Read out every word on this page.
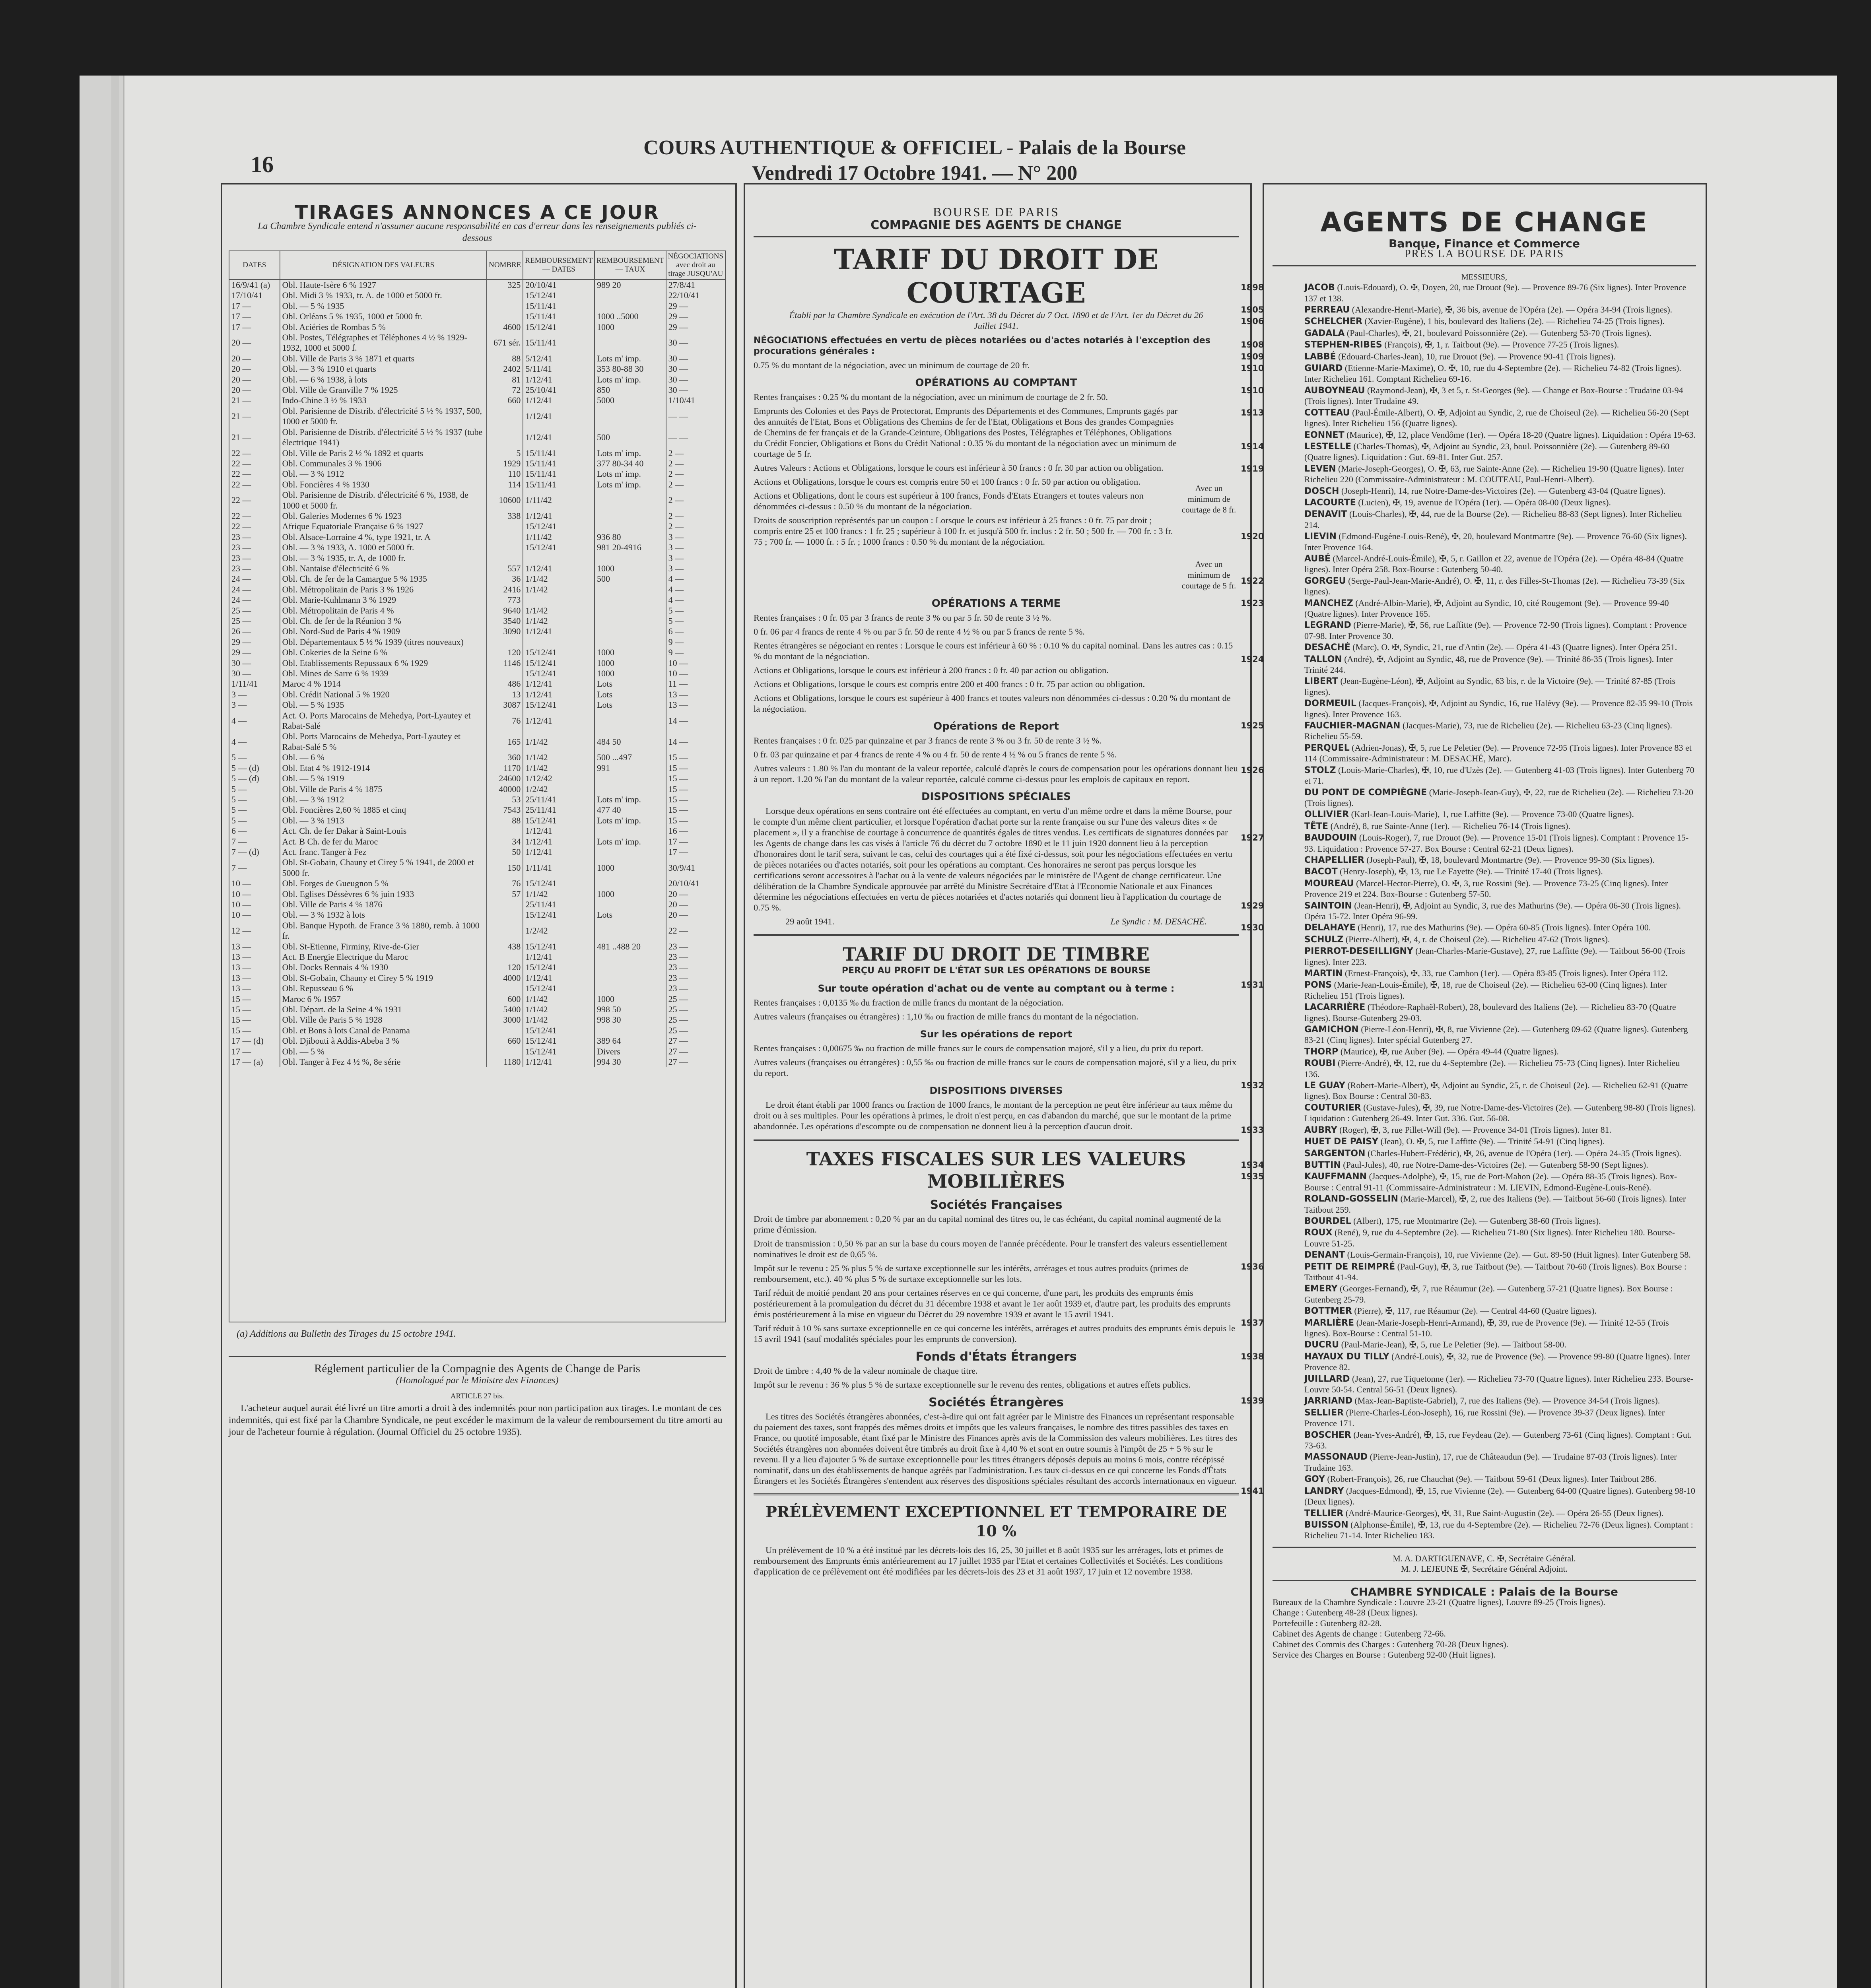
16
COURS AUTHENTIQUE & OFFICIEL - Palais de la Bourse
Vendredi 17 Octobre 1941. — N° 200
TIRAGES ANNONCES A CE JOUR
La Chambre Syndicale entend n'assumer aucune responsabilité en cas d'erreur dans les renseignements publiés ci-dessous
DATES	DÉSIGNATION DES VALEURS	NOMBRE	REMBOURSEMENT — DATES	REMBOURSEMENT — TAUX	NÉGOCIATIONS avec droit au tirage JUSQU'AU
16/9/41 (a)	Obl. Haute-Isère 6 % 1927	325	20/10/41	989 20	27/8/41
17/10/41	Obl. Midi 3 % 1933, tr. A. de 1000 et 5000 fr.		15/12/41		22/10/41
17 —	Obl. — 5 % 1935		15/11/41		29 —
17 —	Obl. Orléans 5 % 1935, 1000 et 5000 fr.		15/11/41	1000 ..5000	29 —
17 —	Obl. Aciéries de Rombas 5 %	4600	15/12/41	1000	29 —
20 —	Obl. Postes, Télégraphes et Téléphones 4 ½ % 1929-1932, 1000 et 5000 f.	671 sér.	15/11/41		30 —
20 —	Obl. Ville de Paris 3 % 1871 et quarts	88	5/12/41	Lots m' imp.	30 —
20 —	Obl. — 3 % 1910 et quarts	2402	5/11/41	353 80-88 30	30 —
20 —	Obl. — 6 % 1938, à lots	81	1/12/41	Lots m' imp.	30 —
20 —	Obl. Ville de Granville 7 % 1925	72	25/10/41	850	30 —
21 —	Indo-Chine 3 ½ % 1933	660	1/12/41	5000	1/10/41
21 —	Obl. Parisienne de Distrib. d'électricité 5 ½ % 1937, 500, 1000 et 5000 fr.		1/12/41		— —
21 —	Obl. Parisienne de Distrib. d'électricité 5 ½ % 1937 (tube électrique 1941)		1/12/41	500	— —
22 —	Obl. Ville de Paris 2 ½ % 1892 et quarts	5	15/11/41	Lots m' imp.	2 —
22 —	Obl. Communales 3 % 1906	1929	15/11/41	377 80-34 40	2 —
22 —	Obl. — 3 % 1912	110	15/11/41	Lots m' imp.	2 —
22 —	Obl. Foncières 4 % 1930	114	15/11/41	Lots m' imp.	2 —
22 —	Obl. Parisienne de Distrib. d'électricité 6 %, 1938, de 1000 et 5000 fr.	10600	1/11/42		2 —
22 —	Obl. Galeries Modernes 6 % 1923	338	1/12/41		2 —
22 —	Afrique Equatoriale Française 6 % 1927		15/12/41		2 —
23 —	Obl. Alsace-Lorraine 4 %, type 1921, tr. A		1/11/42	936 80	3 —
23 —	Obl. — 3 % 1933, A. 1000 et 5000 fr.		15/12/41	981 20-4916	3 —
23 —	Obl. — 3 % 1935, tr. A, de 1000 fr.				3 —
23 —	Obl. Nantaise d'électricité 6 %	557	1/12/41	1000	3 —
24 —	Obl. Ch. de fer de la Camargue 5 % 1935	36	1/1/42	500	4 —
24 —	Obl. Métropolitain de Paris 3 % 1926	2416	1/1/42		4 —
24 —	Obl. Marie-Kuhlmann 3 % 1929	773			4 —
25 —	Obl. Métropolitain de Paris 4 %	9640	1/1/42		5 —
25 —	Obl. Ch. de fer de la Réunion 3 %	3540	1/1/42		5 —
26 —	Obl. Nord-Sud de Paris 4 % 1909	3090	1/12/41		6 —
29 —	Obl. Départementaux 5 ½ % 1939 (titres nouveaux)				9 —
29 —	Obl. Cokeries de la Seine 6 %	120	15/12/41	1000	9 —
30 —	Obl. Etablissements Repussaux 6 % 1929	1146	15/12/41	1000	10 —
30 —	Obl. Mines de Sarre 6 % 1939		15/12/41	1000	10 —
1/11/41	Maroc 4 % 1914	486	1/12/41	Lots	11 —
3 —	Obl. Crédit National 5 % 1920	13	1/12/41	Lots	13 —
3 —	Obl. — 5 % 1935	3087	15/12/41	Lots	13 —
4 —	Act. O. Ports Marocains de Mehedya, Port-Lyautey et Rabat-Salé	76	1/12/41		14 —
4 —	Obl. Ports Marocains de Mehedya, Port-Lyautey et Rabat-Salé 5 %	165	1/1/42	484 50	14 —
5 —	Obl. — 6 %	360	1/1/42	500 ...497	15 —
5 — (d)	Obl. Etat 4 % 1912-1914	1170	1/1/42	991	15 —
5 — (d)	Obl. — 5 % 1919	24600	1/12/42		15 —
5 —	Obl. Ville de Paris 4 % 1875	40000	1/2/42		15 —
5 —	Obl. — 3 % 1912	53	25/11/41	Lots m' imp.	15 —
5 —	Obl. Foncières 2,60 % 1885 et cinq	7543	25/11/41	477 40	15 —
5 —	Obl. — 3 % 1913	88	15/12/41	Lots m' imp.	15 —
6 —	Act. Ch. de fer Dakar à Saint-Louis		1/12/41		16 —
7 —	Act. B Ch. de fer du Maroc	34	1/12/41	Lots m' imp.	17 —
7 — (d)	Act. franc. Tanger à Fez	50	1/12/41		17 —
7 —	Obl. St-Gobain, Chauny et Cirey 5 % 1941, de 2000 et 5000 fr.	150	1/11/41	1000	30/9/41
10 —	Obl. Forges de Gueugnon 5 %	76	15/12/41		20/10/41
10 —	Obl. Eglises Déssèvres 6 % juin 1933	57	1/1/42	1000	20 —
10 —	Obl. Ville de Paris 4 % 1876		25/11/41		20 —
10 —	Obl. — 3 % 1932 à lots		15/12/41	Lots	20 —
12 —	Obl. Banque Hypoth. de France 3 % 1880, remb. à 1000 fr.		1/2/42		22 —
13 —	Obl. St-Etienne, Firminy, Rive-de-Gier	438	15/12/41	481 ..488 20	23 —
13 —	Act. B Energie Electrique du Maroc		1/12/41		23 —
13 —	Obl. Docks Rennais 4 % 1930	120	15/12/41		23 —
13 —	Obl. St-Gobain, Chauny et Cirey 5 % 1919	4000	1/12/41		23 —
13 —	Obl. Repusseau 6 %		15/12/41		23 —
15 —	Maroc 6 % 1957	600	1/1/42	1000	25 —
15 —	Obl. Départ. de la Seine 4 % 1931	5400	1/1/42	998 50	25 —
15 —	Obl. Ville de Paris 5 % 1928	3000	1/1/42	998 30	25 —
15 —	Obl. et Bons à lots Canal de Panama		15/12/41		25 —
17 — (d)	Obl. Djibouti à Addis-Abeba 3 %	660	15/12/41	389 64	27 —
17 —	Obl. — 5 %		15/12/41	Divers	27 —
17 — (a)	Obl. Tanger à Fez 4 ½ %, 8e série	1180	1/12/41	994 30	27 —
(a) Additions au Bulletin des Tirages du 15 octobre 1941.
Réglement particulier de la Compagnie des Agents de Change de Paris
(Homologué par le Ministre des Finances)
ARTICLE 27 bis.
L'acheteur auquel aurait été livré un titre amorti a droit à des indemnités pour non participation aux tirages. Le montant de ces indemnités, qui est fixé par la Chambre Syndicale, ne peut excéder le maximum de la valeur de remboursement du titre amorti au jour de l'acheteur fournie à régulation. (Journal Officiel du 25 octobre 1935).
BOURSE DE PARIS
COMPAGNIE DES AGENTS DE CHANGE
TARIF DU DROIT DE COURTAGE
Établi par la Chambre Syndicale en exécution de l'Art. 38 du Décret du 7 Oct. 1890 et de l'Art. 1er du Décret du 26 Juillet 1941.

NÉGOCIATIONS effectuées en vertu de pièces notariées ou d'actes notariés à l'exception des procurations générales :

0.75 % du montant de la négociation, avec un minimum de courtage de 20 fr.

OPÉRATIONS AU COMPTANT

Rentes françaises : 0.25 % du montant de la négociation, avec un minimum de courtage de 2 fr. 50.

Emprunts des Colonies et des Pays de Protectorat, Emprunts des Départements et des Communes, Emprunts gagés par des annuités de l'Etat, Bons et Obligations des Chemins de fer de l'Etat, Obligations et Bons des grandes Compagnies de Chemins de fer français et de la Grande-Ceinture, Obligations des Postes, Télégraphes et Téléphones, Obligations du Crédit Foncier, Obligations et Bons du Crédit National : 0.35 % du montant de la négociation avec un minimum de courtage de 5 fr.

Autres Valeurs : Actions et Obligations, lorsque le cours est inférieur à 50 francs : 0 fr. 30 par action ou obligation.

Actions et Obligations, lorsque le cours est compris entre 50 et 100 francs : 0 fr. 50 par action ou obligation.

Actions et Obligations, dont le cours est supérieur à 100 francs, Fonds d'Etats Etrangers et toutes valeurs non dénommées ci-dessus : 0.50 % du montant de la négociation.

Droits de souscription représentés par un coupon : Lorsque le cours est inférieur à 25 francs : 0 fr. 75 par droit ; compris entre 25 et 100 francs : 1 fr. 25 ; supérieur à 100 fr. et jusqu'à 500 fr. inclus : 2 fr. 50 ; 500 fr. — 700 fr. : 3 fr. 75 ; 700 fr. — 1000 fr. : 5 fr. ; 1000 francs : 0.50 % du montant de la négociation.

Avec un minimum de courtage de 8 fr.
Avec un minimum de courtage de 5 fr.
OPÉRATIONS A TERME

Rentes françaises : 0 fr. 05 par 3 francs de rente 3 % ou par 5 fr. 50 de rente 3 ½ %.

0 fr. 06 par 4 francs de rente 4 % ou par 5 fr. 50 de rente 4 ½ % ou par 5 francs de rente 5 %.

Rentes étrangères se négociant en rentes : Lorsque le cours est inférieur à 60 % : 0.10 % du capital nominal. Dans les autres cas : 0.15 % du montant de la négociation.

Actions et Obligations, lorsque le cours est inférieur à 200 francs : 0 fr. 40 par action ou obligation.

Actions et Obligations, lorsque le cours est compris entre 200 et 400 francs : 0 fr. 75 par action ou obligation.

Actions et Obligations, lorsque le cours est supérieur à 400 francs et toutes valeurs non dénommées ci-dessus : 0.20 % du montant de la négociation.

Opérations de Report

Rentes françaises : 0 fr. 025 par quinzaine et par 3 francs de rente 3 % ou 3 fr. 50 de rente 3 ½ %.

0 fr. 03 par quinzaine et par 4 francs de rente 4 % ou 4 fr. 50 de rente 4 ½ % ou 5 francs de rente 5 %.

Autres valeurs : 1.80 % l'an du montant de la valeur reportée, calculé d'après le cours de compensation pour les opérations donnant lieu à un report. 1.20 % l'an du montant de la valeur reportée, calculé comme ci-dessus pour les emplois de capitaux en report.

DISPOSITIONS SPÉCIALES

Lorsque deux opérations en sens contraire ont été effectuées au comptant, en vertu d'un même ordre et dans la même Bourse, pour le compte d'un même client particulier, et lorsque l'opération d'achat porte sur la rente française ou sur l'une des valeurs dites « de placement », il y a franchise de courtage à concurrence de quantités égales de titres vendus. Les certificats de signatures données par les Agents de change dans les cas visés à l'article 76 du décret du 7 octobre 1890 et le 11 juin 1920 donnent lieu à la perception d'honoraires dont le tarif sera, suivant le cas, celui des courtages qui a été fixé ci-dessus, soit pour les négociations effectuées en vertu de pièces notariées ou d'actes notariés, soit pour les opérations au comptant. Ces honoraires ne seront pas perçus lorsque les certifications seront accessoires à l'achat ou à la vente de valeurs négociées par le ministère de l'Agent de change certificateur. Une délibération de la Chambre Syndicale approuvée par arrêté du Ministre Secrétaire d'Etat à l'Economie Nationale et aux Finances détermine les négociations effectuées en vertu de pièces notariées et d'actes notariés qui donnent lieu à l'application du courtage de 0.75 %.

29 août 1941.	Le Syndic : M. DESACHÉ.
TARIF DU DROIT DE TIMBRE
PERÇU AU PROFIT DE L'ÉTAT SUR LES OPÉRATIONS DE BOURSE
Sur toute opération d'achat ou de vente au comptant ou à terme :

Rentes françaises : 0,0135 ‰ du fraction de mille francs du montant de la négociation.

Autres valeurs (françaises ou étrangères) : 1,10 ‰ ou fraction de mille francs du montant de la négociation.

Sur les opérations de report

Rentes françaises : 0,00675 ‰ ou fraction de mille francs sur le cours de compensation majoré, s'il y a lieu, du prix du report.

Autres valeurs (françaises ou étrangères) : 0,55 ‰ ou fraction de mille francs sur le cours de compensation majoré, s'il y a lieu, du prix du report.

DISPOSITIONS DIVERSES

Le droit étant établi par 1000 francs ou fraction de 1000 francs, le montant de la perception ne peut être inférieur au taux même du droit ou à ses multiples. Pour les opérations à primes, le droit n'est perçu, en cas d'abandon du marché, que sur le montant de la prime abandonnée. Les opérations d'escompte ou de compensation ne donnent lieu à la perception d'aucun droit.

TAXES FISCALES SUR LES VALEURS MOBILIÈRES
Sociétés Françaises

Droit de timbre par abonnement : 0,20 % par an du capital nominal des titres ou, le cas échéant, du capital nominal augmenté de la prime d'émission.

Droit de transmission : 0,50 % par an sur la base du cours moyen de l'année précédente. Pour le transfert des valeurs essentiellement nominatives le droit est de 0,65 %.

Impôt sur le revenu : 25 % plus 5 % de surtaxe exceptionnelle sur les intérêts, arrérages et tous autres produits (primes de remboursement, etc.). 40 % plus 5 % de surtaxe exceptionnelle sur les lots.

Tarif réduit de moitié pendant 20 ans pour certaines réserves en ce qui concerne, d'une part, les produits des emprunts émis postérieurement à la promulgation du décret du 31 décembre 1938 et avant le 1er août 1939 et, d'autre part, les produits des emprunts émis postérieurement à la mise en vigueur du Décret du 29 novembre 1939 et avant le 15 avril 1941.

Tarif réduit à 10 % sans surtaxe exceptionnelle en ce qui concerne les intérêts, arrérages et autres produits des emprunts émis depuis le 15 avril 1941 (sauf modalités spéciales pour les emprunts de conversion).

Fonds d'États Étrangers

Droit de timbre : 4,40 % de la valeur nominale de chaque titre.

Impôt sur le revenu : 36 % plus 5 % de surtaxe exceptionnelle sur le revenu des rentes, obligations et autres effets publics.

Sociétés Étrangères

Les titres des Sociétés étrangères abonnées, c'est-à-dire qui ont fait agréer par le Ministre des Finances un représentant responsable du paiement des taxes, sont frappés des mêmes droits et impôts que les valeurs françaises, le nombre des titres passibles des taxes en France, ou quotité imposable, étant fixé par le Ministre des Finances après avis de la Commission des valeurs mobilières. Les titres des Sociétés étrangères non abonnées doivent être timbrés au droit fixe à 4,40 % et sont en outre soumis à l'impôt de 25 + 5 % sur le revenu. Il y a lieu d'ajouter 5 % de surtaxe exceptionnelle pour les titres étrangers déposés depuis au moins 6 mois, contre récépissé nominatif, dans un des établissements de banque agréés par l'administration. Les taux ci-dessus en ce qui concerne les Fonds d'États Étrangers et les Sociétés Étrangères s'entendent aux réserves des dispositions spéciales résultant des accords internationaux en vigueur.

PRÉLÈVEMENT EXCEPTIONNEL ET TEMPORAIRE DE 10 %

Un prélèvement de 10 % a été institué par les décrets-lois des 16, 25, 30 juillet et 8 août 1935 sur les arrérages, lots et primes de remboursement des Emprunts émis antérieurement au 17 juillet 1935 par l'Etat et certaines Collectivités et Sociétés. Les conditions d'application de ce prélèvement ont été modifiées par les décrets-lois des 23 et 31 août 1937, 17 juin et 12 novembre 1938.

AGENTS DE CHANGE
Banque, Finance et Commerce
PRÈS LA BOURSE DE PARIS
MESSIEURS,
1898	JACOB (Louis-Edouard), O. ✠, Doyen, 20, rue Drouot (9e). — Provence 89-76 (Six lignes). Inter Provence 137 et 138.
1905	PERREAU (Alexandre-Henri-Marie), ✠, 36 bis, avenue de l'Opéra (2e). — Opéra 34-94 (Trois lignes).
1906	SCHELCHER (Xavier-Eugène), 1 bis, boulevard des Italiens (2e). — Richelieu 74-25 (Trois lignes).
GADALA (Paul-Charles), ✠, 21, boulevard Poissonnière (2e). — Gutenberg 53-70 (Trois lignes).
1908	STEPHEN-RIBES (François), ✠, 1, r. Taitbout (9e). — Provence 77-25 (Trois lignes).
1909	LABBÉ (Edouard-Charles-Jean), 10, rue Drouot (9e). — Provence 90-41 (Trois lignes).
1910	GUIARD (Etienne-Marie-Maxime), O. ✠, 10, rue du 4-Septembre (2e). — Richelieu 74-82 (Trois lignes). Inter Richelieu 161. Comptant Richelieu 69-16.
1910	AUBOYNEAU (Raymond-Jean), ✠, 3 et 5, r. St-Georges (9e). — Change et Box-Bourse : Trudaine 03-94 (Trois lignes). Inter Trudaine 49.
1913	COTTEAU (Paul-Émile-Albert), O. ✠, Adjoint au Syndic, 2, rue de Choiseul (2e). — Richelieu 56-20 (Sept lignes). Inter Richelieu 156 (Quatre lignes).
EONNET (Maurice), ✠, 12, place Vendôme (1er). — Opéra 18-20 (Quatre lignes). Liquidation : Opéra 19-63.
1914	LESTELLE (Charles-Thomas), ✠, Adjoint au Syndic, 23, boul. Poissonnière (2e). — Gutenberg 89-60 (Quatre lignes). Liquidation : Gut. 69-81. Inter Gut. 257.
1919	LEVEN (Marie-Joseph-Georges), O. ✠, 63, rue Sainte-Anne (2e). — Richelieu 19-90 (Quatre lignes). Inter Richelieu 220 (Commissaire-Administrateur : M. COUTEAU, Paul-Henri-Albert).
DOSCH (Joseph-Henri), 14, rue Notre-Dame-des-Victoires (2e). — Gutenberg 43-04 (Quatre lignes).
LACOURTE (Lucien), ✠, 19, avenue de l'Opéra (1er). — Opéra 08-00 (Deux lignes).
DENAVIT (Louis-Charles), ✠, 44, rue de la Bourse (2e). — Richelieu 88-83 (Sept lignes). Inter Richelieu 214.
1920	LIEVIN (Edmond-Eugène-Louis-René), ✠, 20, boulevard Montmartre (9e). — Provence 76-60 (Six lignes). Inter Provence 164.
AUBÉ (Marcel-André-Louis-Émile), ✠, 5, r. Gaillon et 22, avenue de l'Opéra (2e). — Opéra 48-84 (Quatre lignes). Inter Opéra 258. Box-Bourse : Gutenberg 50-40.
1922	GORGEU (Serge-Paul-Jean-Marie-André), O. ✠, 11, r. des Filles-St-Thomas (2e). — Richelieu 73-39 (Six lignes).
1923	MANCHEZ (André-Albin-Marie), ✠, Adjoint au Syndic, 10, cité Rougemont (9e). — Provence 99-40 (Quatre lignes). Inter Provence 165.
LEGRAND (Pierre-Marie), ✠, 56, rue Laffitte (9e). — Provence 72-90 (Trois lignes). Comptant : Provence 07-98. Inter Provence 30.
DESACHÉ (Marc), O. ✠, Syndic, 21, rue d'Antin (2e). — Opéra 41-43 (Quatre lignes). Inter Opéra 251.
1924	TALLON (André), ✠, Adjoint au Syndic, 48, rue de Provence (9e). — Trinité 86-35 (Trois lignes). Inter Trinité 244.
LIBERT (Jean-Eugène-Léon), ✠, Adjoint au Syndic, 63 bis, r. de la Victoire (9e). — Trinité 87-85 (Trois lignes).
DORMEUIL (Jacques-François), ✠, Adjoint au Syndic, 16, rue Halévy (9e). — Provence 82-35 99-10 (Trois lignes). Inter Provence 163.
1925	FAUCHIER-MAGNAN (Jacques-Marie), 73, rue de Richelieu (2e). — Richelieu 63-23 (Cinq lignes). Richelieu 55-59.
PERQUEL (Adrien-Jonas), ✠, 5, rue Le Peletier (9e). — Provence 72-95 (Trois lignes). Inter Provence 83 et 114 (Commissaire-Administrateur : M. DESACHÉ, Marc).
1926	STOLZ (Louis-Marie-Charles), ✠, 10, rue d'Uzès (2e). — Gutenberg 41-03 (Trois lignes). Inter Gutenberg 70 et 71.
DU PONT DE COMPIÈGNE (Marie-Joseph-Jean-Guy), ✠, 22, rue de Richelieu (2e). — Richelieu 73-20 (Trois lignes).
OLLIVIER (Karl-Jean-Louis-Marie), 1, rue Laffitte (9e). — Provence 73-00 (Quatre lignes).
TÊTE (André), 8, rue Sainte-Anne (1er). — Richelieu 76-14 (Trois lignes).
1927	BAUDOUIN (Louis-Roger), 7, rue Drouot (9e). — Provence 15-01 (Trois lignes). Comptant : Provence 15-93. Liquidation : Provence 57-27. Box Bourse : Central 62-21 (Deux lignes).
CHAPELLIER (Joseph-Paul), ✠, 18, boulevard Montmartre (9e). — Provence 99-30 (Six lignes).
BACOT (Henry-Joseph), ✠, 13, rue Le Fayette (9e). — Trinité 17-40 (Trois lignes).
MOUREAU (Marcel-Hector-Pierre), O. ✠, 3, rue Rossini (9e). — Provence 73-25 (Cinq lignes). Inter Provence 219 et 224. Box-Bourse : Gutenberg 57-50.
1929	SAINTOIN (Jean-Henri), ✠, Adjoint au Syndic, 3, rue des Mathurins (9e). — Opéra 06-30 (Trois lignes). Opéra 15-72. Inter Opéra 96-99.
1930	DELAHAYE (Henri), 17, rue des Mathurins (9e). — Opéra 60-85 (Trois lignes). Inter Opéra 100.
SCHULZ (Pierre-Albert), ✠, 4, r. de Choiseul (2e). — Richelieu 47-62 (Trois lignes).
PIERROT-DESEILLIGNY (Jean-Charles-Marie-Gustave), 27, rue Laffitte (9e). — Taitbout 56-00 (Trois lignes). Inter 223.
MARTIN (Ernest-François), ✠, 33, rue Cambon (1er). — Opéra 83-85 (Trois lignes). Inter Opéra 112.
1931	PONS (Marie-Jean-Louis-Émile), ✠, 18, rue de Choiseul (2e). — Richelieu 63-00 (Cinq lignes). Inter Richelieu 151 (Trois lignes).
LACARRIÈRE (Théodore-Raphaël-Robert), 28, boulevard des Italiens (2e). — Richelieu 83-70 (Quatre lignes). Bourse-Gutenberg 29-03.
GAMICHON (Pierre-Léon-Henri), ✠, 8, rue Vivienne (2e). — Gutenberg 09-62 (Quatre lignes). Gutenberg 83-21 (Cinq lignes). Inter spécial Gutenberg 27.
THORP (Maurice), ✠, rue Auber (9e). — Opéra 49-44 (Quatre lignes).
ROUBI (Pierre-André), ✠, 12, rue du 4-Septembre (2e). — Richelieu 75-73 (Cinq lignes). Inter Richelieu 136.
1932	LE GUAY (Robert-Marie-Albert), ✠, Adjoint au Syndic, 25, r. de Choiseul (2e). — Richelieu 62-91 (Quatre lignes). Box Bourse : Central 30-83.
COUTURIER (Gustave-Jules), ✠, 39, rue Notre-Dame-des-Victoires (2e). — Gutenberg 98-80 (Trois lignes). Liquidation : Gutenberg 26-49. Inter Gut. 336. Gut. 56-08.
1933	AUBRY (Roger), ✠, 3, rue Pillet-Will (9e). — Provence 34-01 (Trois lignes). Inter 81.
HUET DE PAISY (Jean), O. ✠, 5, rue Laffitte (9e). — Trinité 54-91 (Cinq lignes).
SARGENTON (Charles-Hubert-Frédéric), ✠, 26, avenue de l'Opéra (1er). — Opéra 24-35 (Trois lignes).
1934	BUTTIN (Paul-Jules), 40, rue Notre-Dame-des-Victoires (2e). — Gutenberg 58-90 (Sept lignes).
1935	KAUFFMANN (Jacques-Adolphe), ✠, 15, rue de Port-Mahon (2e). — Opéra 88-35 (Trois lignes). Box-Bourse : Central 91-11 (Commissaire-Administrateur : M. LIEVIN, Edmond-Eugène-Louis-René).
ROLAND-GOSSELIN (Marie-Marcel), ✠, 2, rue des Italiens (9e). — Taitbout 56-60 (Trois lignes). Inter Taitbout 259.
BOURDEL (Albert), 175, rue Montmartre (2e). — Gutenberg 38-60 (Trois lignes).
ROUX (René), 9, rue du 4-Septembre (2e). — Richelieu 71-80 (Six lignes). Inter Richelieu 180. Bourse-Louvre 51-25.
DENANT (Louis-Germain-François), 10, rue Vivienne (2e). — Gut. 89-50 (Huit lignes). Inter Gutenberg 58.
1936	PETIT DE REIMPRÉ (Paul-Guy), ✠, 3, rue Taitbout (9e). — Taitbout 70-60 (Trois lignes). Box Bourse : Taitbout 41-94.
EMERY (Georges-Fernand), ✠, 7, rue Réaumur (2e). — Gutenberg 57-21 (Quatre lignes). Box Bourse : Gutenberg 25-79.
BOTTMER (Pierre), ✠, 117, rue Réaumur (2e). — Central 44-60 (Quatre lignes).
1937	MARLIÈRE (Jean-Marie-Joseph-Henri-Armand), ✠, 39, rue de Provence (9e). — Trinité 12-55 (Trois lignes). Box-Bourse : Central 51-10.
DUCRU (Paul-Marie-Jean), ✠, 5, rue Le Peletier (9e). — Taitbout 58-00.
1938	HAYAUX DU TILLY (André-Louis), ✠, 32, rue de Provence (9e). — Provence 99-80 (Quatre lignes). Inter Provence 82.
JUILLARD (Jean), 27, rue Tiquetonne (1er). — Richelieu 73-70 (Quatre lignes). Inter Richelieu 233. Bourse-Louvre 50-54. Central 56-51 (Deux lignes).
1939	JARRIAND (Max-Jean-Baptiste-Gabriel), 7, rue des Italiens (9e). — Provence 34-54 (Trois lignes).
SELLIER (Pierre-Charles-Léon-Joseph), 16, rue Rossini (9e). — Provence 39-37 (Deux lignes). Inter Provence 171.
BOSCHER (Jean-Yves-André), ✠, 15, rue Feydeau (2e). — Gutenberg 73-61 (Cinq lignes). Comptant : Gut. 73-63.
MASSONAUD (Pierre-Jean-Justin), 17, rue de Châteaudun (9e). — Trudaine 87-03 (Trois lignes). Inter Trudaine 163.
GOY (Robert-François), 26, rue Chauchat (9e). — Taitbout 59-61 (Deux lignes). Inter Taitbout 286.
1941	LANDRY (Jacques-Edmond), ✠, 15, rue Vivienne (2e). — Gutenberg 64-00 (Quatre lignes). Gutenberg 98-10 (Deux lignes).
TELLIER (André-Maurice-Georges), ✠, 31, Rue Saint-Augustin (2e). — Opéra 26-55 (Deux lignes).
BUISSON (Alphonse-Émile), ✠, 13, rue du 4-Septembre (2e). — Richelieu 72-76 (Deux lignes). Comptant : Richelieu 71-14. Inter Richelieu 183.
M. A. DARTIGUENAVE, C. ✠, Secrétaire Général.
M. J. LEJEUNE ✠, Secrétaire Général Adjoint.
CHAMBRE SYNDICALE : Palais de la Bourse
Bureaux de la Chambre Syndicale : Louvre 23-21 (Quatre lignes), Louvre 89-25 (Trois lignes).
Change : Gutenberg 48-28 (Deux lignes).
Portefeuille : Gutenberg 82-28.
Cabinet des Agents de change : Gutenberg 72-66.
Cabinet des Commis des Charges : Gutenberg 70-28 (Deux lignes).
Service des Charges en Bourse : Gutenberg 92-00 (Huit lignes).
